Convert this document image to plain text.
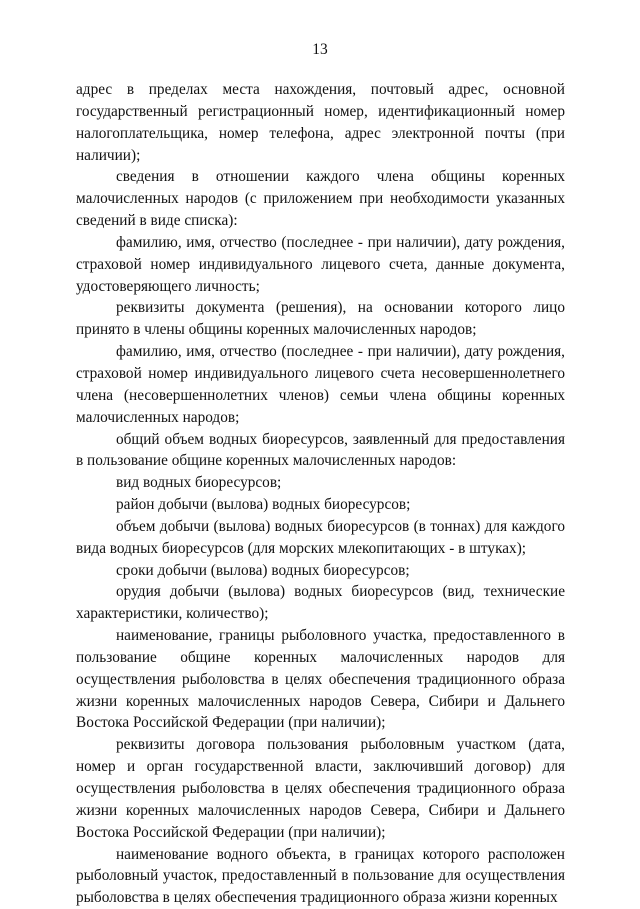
13

адрес в пределах места нахождения, почтовый адрес, основной государственный регистрационный номер, идентификационный номер налогоплательщика, номер телефона, адрес электронной почты (при наличии);

сведения в отношении каждого члена общины коренных малочисленных народов (с приложением при необходимости указанных сведений в виде списка):

фамилию, имя, отчество (последнее - при наличии), дату рождения, страховой номер индивидуального лицевого счета, данные документа, удостоверяющего личность;

реквизиты документа (решения), на основании которого лицо принято в члены общины коренных малочисленных народов;

фамилию, имя, отчество (последнее - при наличии), дату рождения, страховой номер индивидуального лицевого счета несовершеннолетнего члена (несовершеннолетних членов) семьи члена общины коренных малочисленных народов;

общий объем водных биоресурсов, заявленный для предоставления в пользование общине коренных малочисленных народов:

вид водных биоресурсов;

район добычи (вылова) водных биоресурсов;

объем добычи (вылова) водных биоресурсов (в тоннах) для каждого вида водных биоресурсов (для морских млекопитающих - в штуках);

сроки добычи (вылова) водных биоресурсов;

орудия добычи (вылова) водных биоресурсов (вид, технические характеристики, количество);

наименование, границы рыболовного участка, предоставленного в пользование общине коренных малочисленных народов для осуществления рыболовства в целях обеспечения традиционного образа жизни коренных малочисленных народов Севера, Сибири и Дальнего Востока Российской Федерации (при наличии);

реквизиты договора пользования рыболовным участком (дата, номер и орган государственной власти, заключивший договор) для осуществления рыболовства в целях обеспечения традиционного образа жизни коренных малочисленных народов Севера, Сибири и Дальнего Востока Российской Федерации (при наличии);

наименование водного объекта, в границах которого расположен рыболовный участок, предоставленный в пользование для осуществления рыболовства в целях обеспечения традиционного образа жизни коренных
